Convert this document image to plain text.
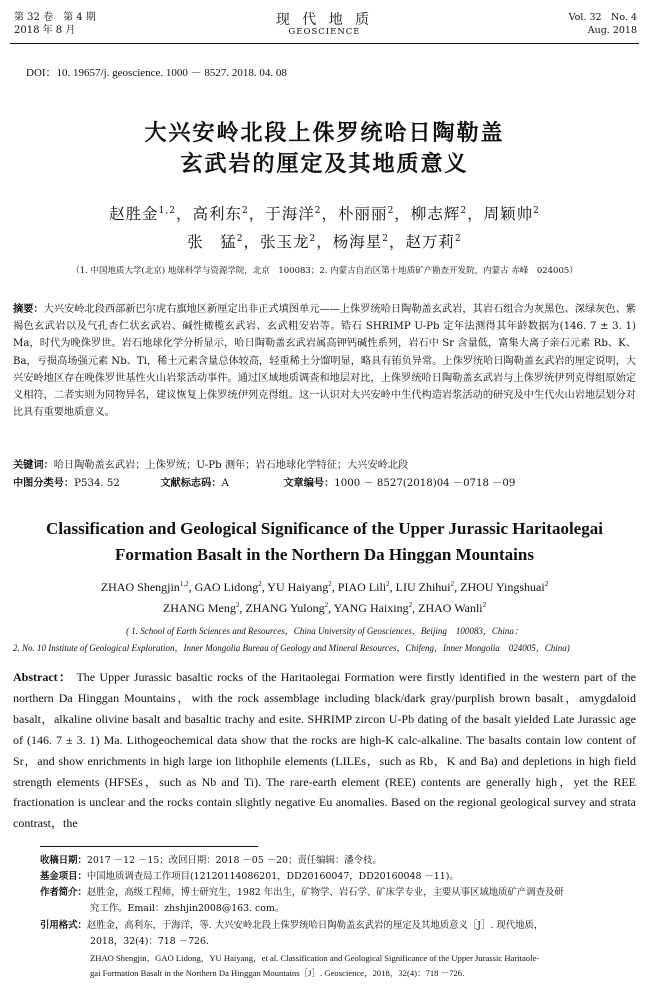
第 32 卷　第 4 期
2018 年 8 月
现 代 地 质
GEOSCIENCE
Vol. 32　No. 4
Aug. 2018
DOI：10. 19657/j. geoscience. 1000 － 8527. 2018. 04. 08
大兴安岭北段上侏罗统哈日陶勒盖
玄武岩的厘定及其地质意义
赵胜金$^{1,2}$，高利东$^2$，于海洋$^2$，朴丽丽$^2$，柳志辉$^2$，周颖帅$^2$
张　猛$^2$，张玉龙$^2$，杨海星$^2$，赵万莉$^2$
（1. 中国地质大学(北京) 地球科学与资源学院，北京　100083；2. 内蒙古自治区第十地质矿产勘查开发院，内蒙古 赤峰　024005）
摘要：大兴安岭北段西部新巴尔虎右旗地区新厘定出非正式填图单元——上侏罗统哈日陶勒盖玄武岩，其岩石组合为灰黑色、深绿灰色、紫褐色玄武岩以及气孔杏仁状玄武岩、碱性橄榄玄武岩、玄武粗安岩等。锆石 SHRIMP U-Pb 定年法测得其年龄数据为(146. 7 ± 3. 1) Ma，时代为晚侏罗世。岩石地球化学分析显示，哈日陶勒盖玄武岩属高钾钙碱性系列，岩石中 Sr 含量低，富集大离子亲石元素 Rb、K、Ba，亏损高场强元素 Nb、Ti，稀土元素含量总体较高，轻重稀土分馏明显，略具有铕负异常。上侏罗统哈日陶勒盖玄武岩的厘定说明，大兴安岭地区存在晚侏罗世基性火山岩浆活动事件。通过区域地质调查和地层对比，上侏罗统哈日陶勒盖玄武岩与上侏罗统伊列克得组原始定义相符，二者实则为同物异名，建议恢复上侏罗统伊列克得组。这一认识对大兴安岭中生代构造岩浆活动的研究及中生代火山岩地层划分对比具有重要地质意义。
关键词：哈日陶勒盖玄武岩；上侏罗统；U-Pb 测年；岩石地球化学特征；大兴安岭北段
中图分类号：P534. 52	文献标志码：A	文章编号：1000 － 8527(2018)04 －0718 －09
Classification and Geological Significance of the Upper Jurassic Haritaolegai
Formation Basalt in the Northern Da Hinggan Mountains
ZHAO Shengjin$^{1,2}$, GAO Lidong$^2$, YU Haiyang$^2$, PIAO Lili$^2$, LIU Zhihui$^2$, ZHOU Yingshuai$^2$
ZHANG Meng$^2$, ZHANG Yulong$^2$, YANG Haixing$^2$, ZHAO Wanli$^2$
( 1. School of Earth Sciences and Resources，China University of Geosciences，Beijing　100083，China；
2. No. 10 Institute of Geological Exploration，Inner Mongolia Bureau of Geology and Mineral Resources，Chifeng，Inner Mongolia　024005，China)
Abstract： The Upper Jurassic basaltic rocks of the Haritaolegai Formation were firstly identified in the western part of the northern Da Hinggan Mountains，with the rock assemblage including black/dark gray/purplish brown basalt，amygdaloid basalt，alkaline olivine basalt and basaltic trachy and esite. SHRIMP zircon U-Pb dating of the basalt yielded Late Jurassic age of (146. 7 ± 3. 1) Ma. Lithogeochemical data show that the rocks are high-K calc-alkaline. The basalts contain low content of Sr，and show enrichments in high large ion lithophile elements (LILEs，such as Rb，K and Ba) and depletions in high field strength elements (HFSEs，such as Nb and Ti). The rare-earth element (REE) contents are generally high，yet the REE fractionation is unclear and the rocks contain slightly negative Eu anomalies. Based on the regional geological survey and strata contrast，the
收稿日期：2017 －12 －15；改回日期：2018 －05 －20；责任编辑：潘令枝。
基金项目：中国地质调查局工作项目(12120114086201，DD20160047，DD20160048 －11)。
作者简介：赵胜金，高级工程师，博士研究生，1982 年出生，矿物学、岩石学、矿床学专业，主要从事区域地质矿产调查及研
究工作。Email：zhshjin2008@163. com。
引用格式：赵胜金，高利东，于海洋，等. 大兴安岭北段上侏罗统哈日陶勒盖玄武岩的厘定及其地质意义［J］. 现代地质，
2018，32(4)：718 －726.
ZHAO Shengjin，GAO Lidong，YU Haiyang，et al. Classification and Geological Significance of the Upper Jurassic Haritaole-
gai Formation Basalt in the Northern Da Hinggan Mountains［J］. Geoscience，2018，32(4)：718 －726.
